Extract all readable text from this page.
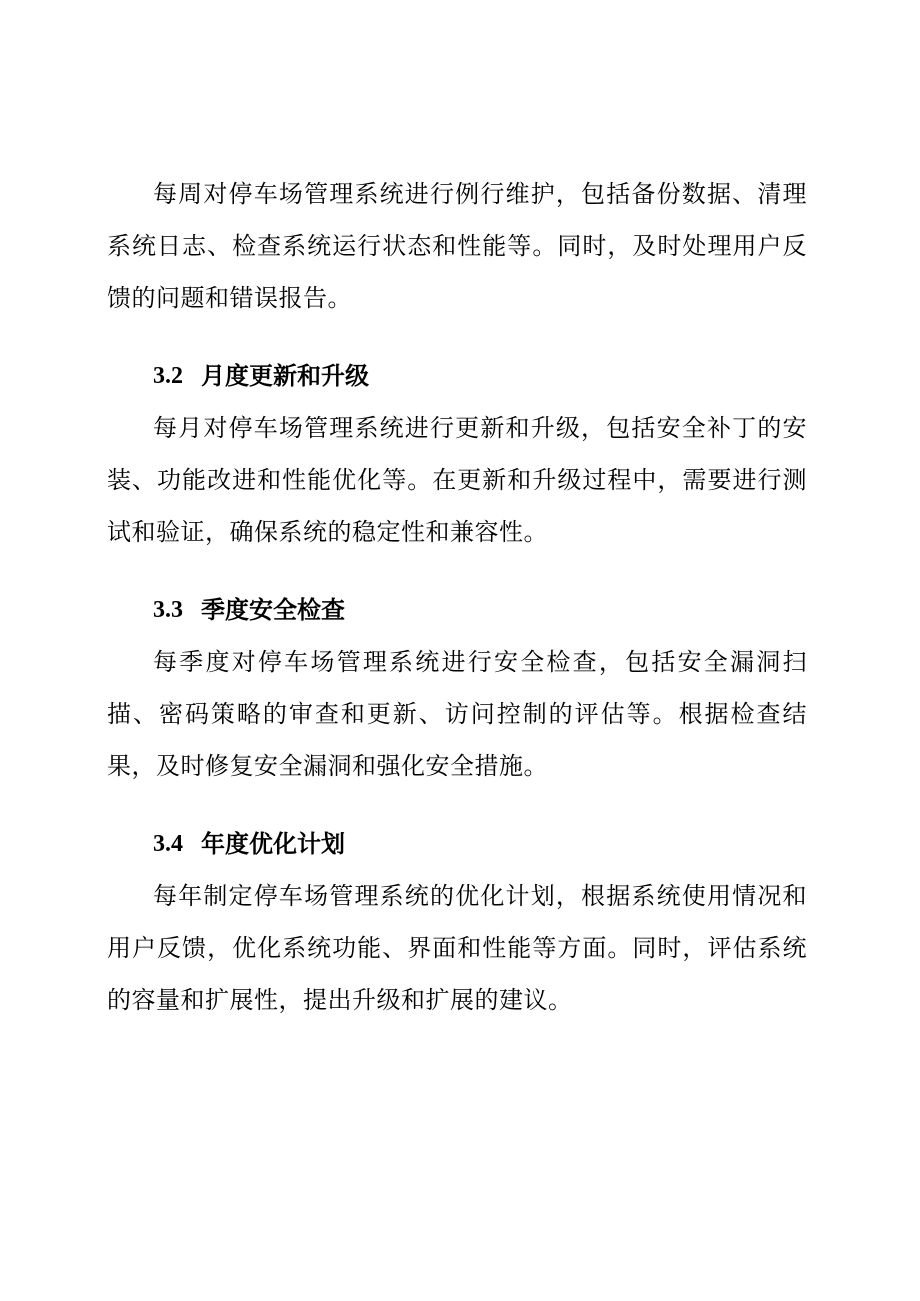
每周对停车场管理系统进行例行维护，包括备份数据、清理系统日志、检查系统运行状态和性能等。同时，及时处理用户反馈的问题和错误报告。

3.2 月度更新和升级

每月对停车场管理系统进行更新和升级，包括安全补丁的安装、功能改进和性能优化等。在更新和升级过程中，需要进行测试和验证，确保系统的稳定性和兼容性。

3.3 季度安全检查

每季度对停车场管理系统进行安全检查，包括安全漏洞扫描、密码策略的审查和更新、访问控制的评估等。根据检查结果，及时修复安全漏洞和强化安全措施。

3.4 年度优化计划

每年制定停车场管理系统的优化计划，根据系统使用情况和用户反馈，优化系统功能、界面和性能等方面。同时，评估系统的容量和扩展性，提出升级和扩展的建议。
